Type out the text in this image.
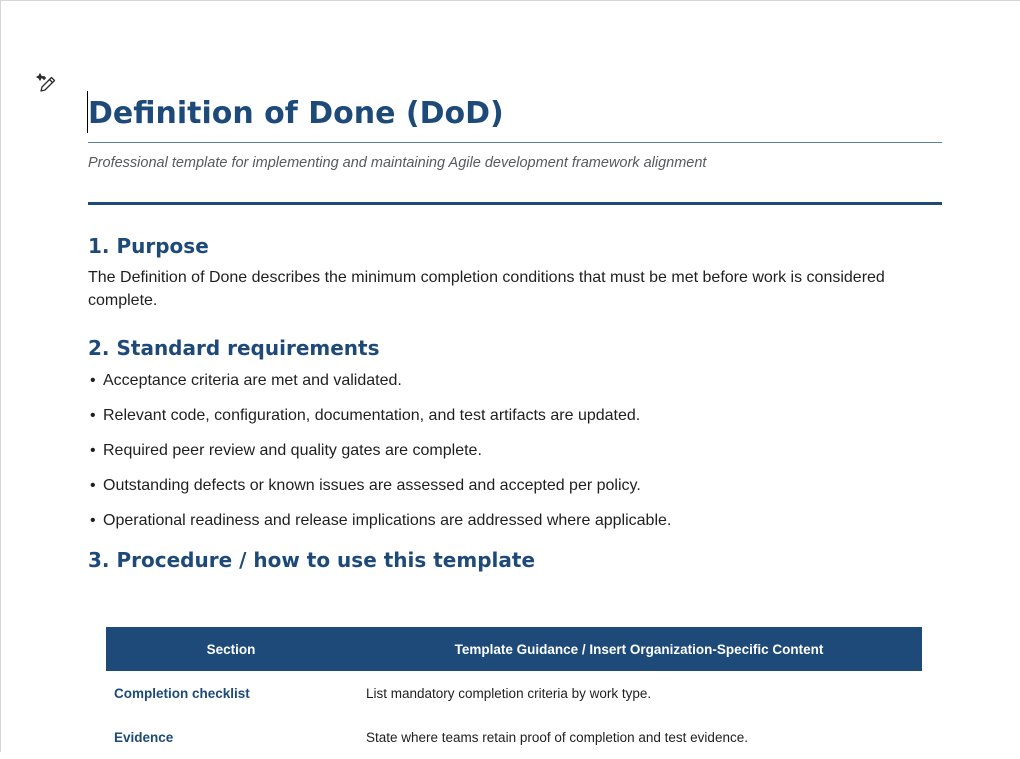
Definition of Done (DoD)
Professional template for implementing and maintaining Agile development framework alignment
1. Purpose

The Definition of Done describes the minimum completion conditions that must be met before work is considered complete.

2. Standard requirements
• Acceptance criteria are met and validated.
• Relevant code, configuration, documentation, and test artifacts are updated.
• Required peer review and quality gates are complete.
• Outstanding defects or known issues are assessed and accepted per policy.
• Operational readiness and release implications are addressed where applicable.
3. Procedure / how to use this template
Section	Template Guidance / Insert Organization-Specific Content
Completion checklist	List mandatory completion criteria by work type.
Evidence	State where teams retain proof of completion and test evidence.
